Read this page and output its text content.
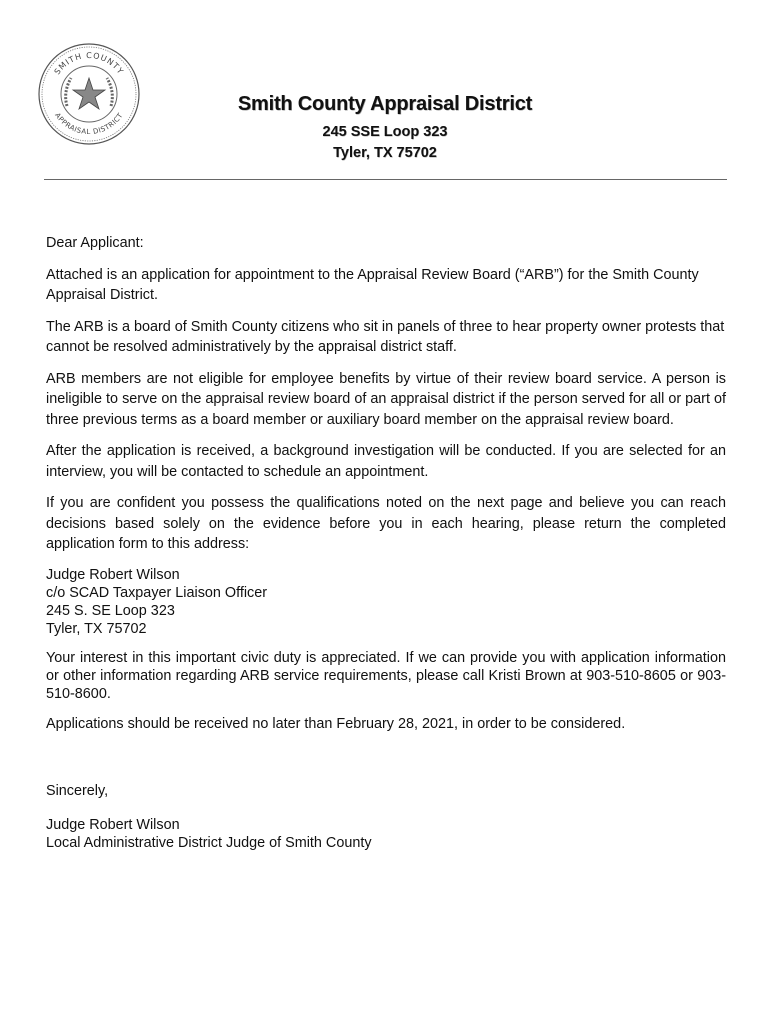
SMITH COUNTY
APPRAISAL DISTRICT
Smith County Appraisal District
245 SSE Loop 323
Tyler, TX 75702

Dear Applicant:

Attached is an application for appointment to the Appraisal Review Board (“ARB”) for the Smith County Appraisal District.

The ARB is a board of Smith County citizens who sit in panels of three to hear property owner protests that cannot be resolved administratively by the appraisal district staff.

ARB members are not eligible for employee benefits by virtue of their review board service. A person is ineligible to serve on the appraisal review board of an appraisal district if the person served for all or part of three previous terms as a board member or auxiliary board member on the appraisal review board.

After the application is received, a background investigation will be conducted. If you are selected for an interview, you will be contacted to schedule an appointment.

If you are confident you possess the qualifications noted on the next page and believe you can reach decisions based solely on the evidence before you in each hearing, please return the completed application form to this address:

Judge Robert Wilson
c/o SCAD Taxpayer Liaison Officer
245 S. SE Loop 323
Tyler, TX 75702

Your interest in this important civic duty is appreciated. If we can provide you with application information or other information regarding ARB service requirements, please call Kristi Brown at 903-510-8605 or 903-510-8600.

Applications should be received no later than February 28, 2021, in order to be considered.

Sincerely,

Judge Robert Wilson
Local Administrative District Judge of Smith County
